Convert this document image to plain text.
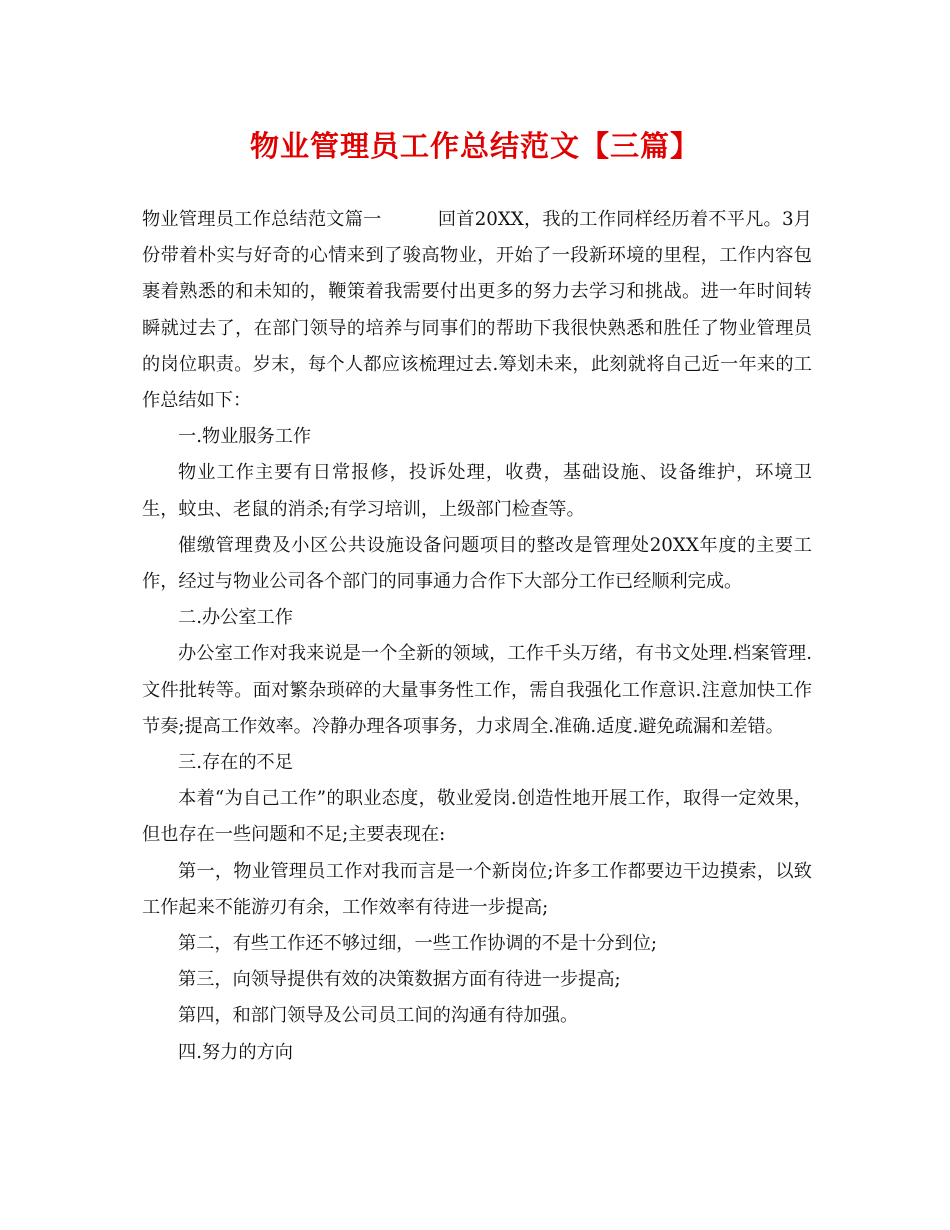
物业管理员工作总结范文【三篇】

物业管理员工作总结范文篇一	回首20XX，我的工作同样经历着不平凡。3月份带着朴实与好奇的心情来到了骏高物业，开始了一段新环境的里程，工作内容包裹着熟悉的和未知的，鞭策着我需要付出更多的努力去学习和挑战。进一年时间转瞬就过去了，在部门领导的培养与同事们的帮助下我很快熟悉和胜任了物业管理员的岗位职责。岁末，每个人都应该梳理过去.筹划未来，此刻就将自己近一年来的工作总结如下：

一.物业服务工作

物业工作主要有日常报修，投诉处理，收费，基础设施、设备维护，环境卫生，蚊虫、老鼠的消杀;有学习培训，上级部门检查等。

催缴管理费及小区公共设施设备问题项目的整改是管理处20XX年度的主要工作，经过与物业公司各个部门的同事通力合作下大部分工作已经顺利完成。

二.办公室工作

办公室工作对我来说是一个全新的领域，工作千头万绪，有书文处理.档案管理.文件批转等。面对繁杂琐碎的大量事务性工作，需自我强化工作意识.注意加快工作节奏;提高工作效率。冷静办理各项事务，力求周全.准确.适度.避免疏漏和差错。

三.存在的不足

本着“为自己工作”的职业态度，敬业爱岗.创造性地开展工作，取得一定效果，但也存在一些问题和不足;主要表现在:

第一，物业管理员工作对我而言是一个新岗位;许多工作都要边干边摸索，以致工作起来不能游刃有余，工作效率有待进一步提高;

第二，有些工作还不够过细，一些工作协调的不是十分到位;

第三，向领导提供有效的决策数据方面有待进一步提高;

第四，和部门领导及公司员工间的沟通有待加强。

四.努力的方向
